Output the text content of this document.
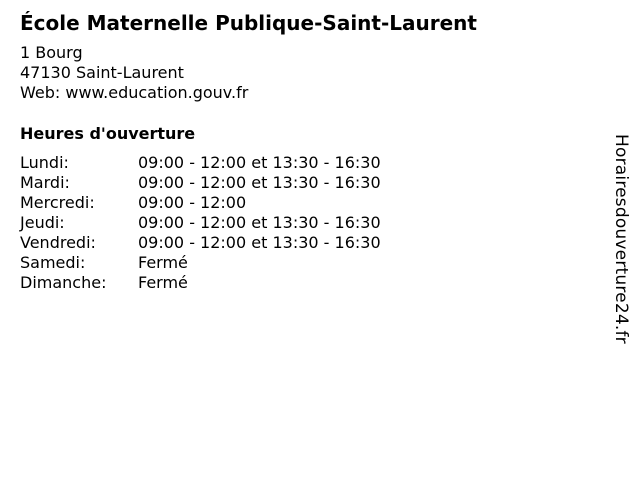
École Maternelle Publique-Saint-Laurent
1 Bourg
47130 Saint-Laurent
Web: www.education.gouv.fr
Heures d'ouverture
Lundi:	09:00 - 12:00 et 13:30 - 16:30
Mardi:	09:00 - 12:00 et 13:30 - 16:30
Mercredi:	09:00 - 12:00
Jeudi:	09:00 - 12:00 et 13:30 - 16:30
Vendredi:	09:00 - 12:00 et 13:30 - 16:30
Samedi:	Fermé
Dimanche:	Fermé	Horairesdouverture24.fr
